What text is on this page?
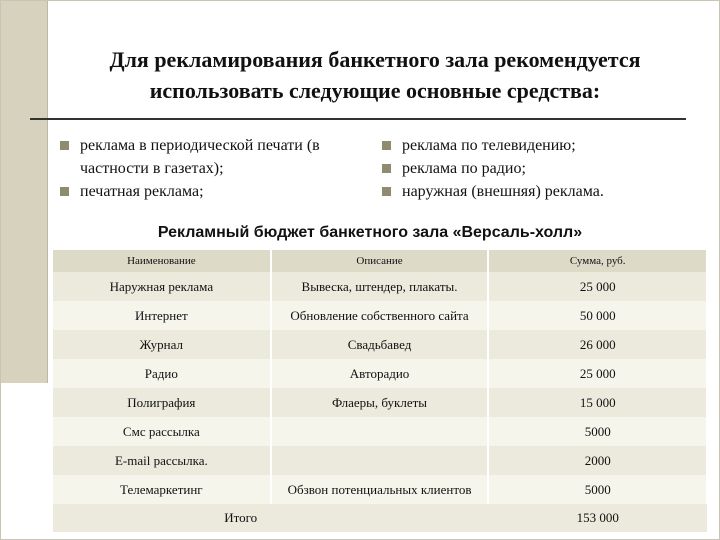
Для рекламирования банкетного зала рекомендуется использовать следующие основные средства:
реклама в периодической печати (в частности в газетах);
печатная реклама;
реклама по телевидению;
реклама по радио;
наружная (внешняя) реклама.
Рекламный бюджет банкетного зала «Версаль-холл»
Наименование	Описание	Сумма, руб.
Наружная реклама	Вывеска, штендер, плакаты.	25 000
Интернет	Обновление собственного сайта	50 000
Журнал	Свадьбавед	26 000
Радио	Авторадио	25 000
Полиграфия	Флаеры, буклеты	15 000
Смс рассылка		5000
E-mail рассылка.		2000
Телемаркетинг	Обзвон потенциальных клиентов	5000
Итого		153 000
